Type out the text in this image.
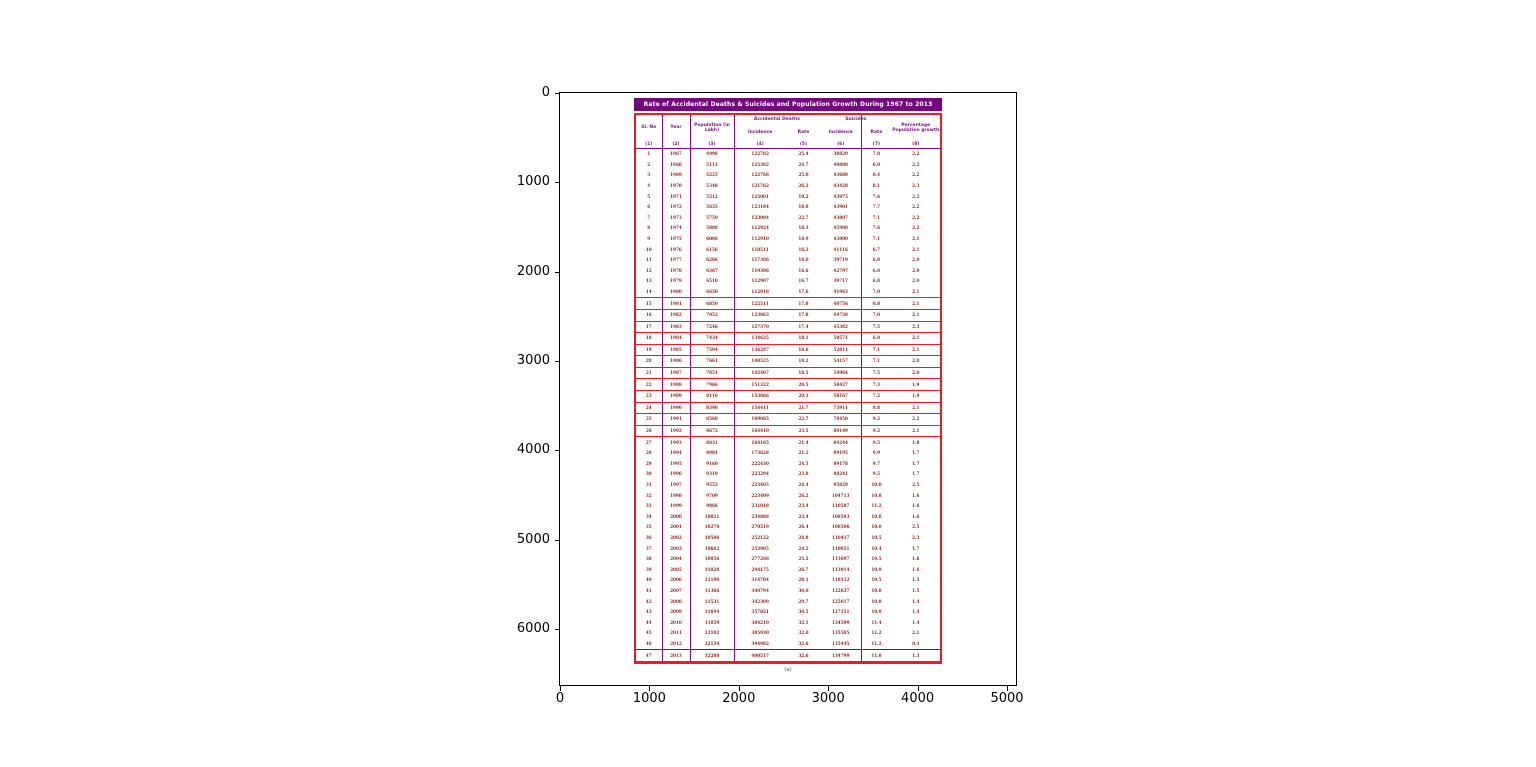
Rate of Accidental Deaths & Suicides and Population Growth During 1967 to 2013
Sl. No	Year
Population (in Lakh)
Accidental Deaths	Suicides
Percentage Population growth
Incidence	Rate	Incidence	Rate
(1)	(2)	(3)	(4)	(5)	(6)	(7)	(8)
1	1967	4998	122782	25.4	38829	7.8	2.2
2	1968	5111	125382	24.7	40888	8.0	2.2
3	1969	5225	122766	25.0	43688	8.4	2.2
4	1970	5348	121762	26.2	43428	8.1	2.3
5	1971	5512	125001	19.2	43975	7.6	2.2
6	1972	5635	123184	18.8	43901	7.7	2.2
7	1973	5759	123094	22.7	43807	7.1	2.2
8	1974	5888	112924	18.3	45908	7.6	2.2
9	1975	6006	112910	18.9	43800	7.1	2.1
10	1976	6156	110511	16.2	41116	6.7	2.1
11	1977	6266	117306	16.0	39719	6.8	2.0
12	1978	6367	119306	16.6	42797	6.8	2.0
13	1979	6510	112907	16.7	39717	6.8	2.0
14	1980	6650	112918	17.6	41963	7.0	2.1
15	1981	6850	122511	17.8	40756	6.8	2.1
16	1982	7052	123863	17.8	44738	7.0	2.1
17	1983	7246	127370	17.4	45382	7.5	2.3
18	1984	7434	134625	18.1	50571	6.8	2.1
19	1985	7594	136287	18.6	52811	7.1	2.1
20	1986	7661	140525	19.2	54157	7.1	2.0
21	1987	7851	142407	18.5	54964	7.5	2.0
22	1988	7966	151322	20.5	58427	7.3	1.9
23	1989	8116	153866	20.1	58167	7.2	1.9
24	1990	8390	154411	21.7	73911	8.8	2.1
25	1991	8560	169065	22.7	78450	9.2	2.2
26	1992	8672	164410	23.5	80149	9.2	2.1
27	1993	8831	164165	21.4	84244	9.5	1.8
28	1994	8984	173628	21.2	89195	9.9	1.7
29	1995	9160	222430	24.3	89178	9.7	1.7
30	1996	9319	223294	23.8	88241	9.5	1.7
31	1997	9552	223405	24.4	95829	10.0	2.5
32	1998	9709	223409	26.2	104713	10.8	1.6
33	1999	9866	231018	23.4	110587	11.2	1.6
34	2000	10021	234888	23.4	108593	10.8	1.6
35	2001	10270	270519	26.4	108506	10.0	2.5
36	2002	10506	252122	24.8	110417	10.5	2.3
37	2003	10682	253905	24.2	110851	10.4	1.7
38	2004	10856	277268	25.5	113697	10.5	1.6
39	2005	11028	294175	26.7	113914	10.9	1.6
40	2006	11198	314704	28.1	118112	10.5	1.5
41	2007	11366	340794	30.0	122637	10.8	1.5
42	2008	11531	342309	29.7	125017	10.8	1.4
43	2009	11694	357021	30.5	127151	10.9	1.4
44	2010	11859	384210	32.1	134599	11.4	1.4
45	2011	12102	385930	32.0	135585	11.2	2.1
46	2012	12134	394982	32.6	135445	11.2	0.3
47	2013	12288	400517	32.6	134799	11.0	1.3
(a)
0
1000
2000
3000
4000
5000
6000
0	1000	2000	3000	4000	5000
